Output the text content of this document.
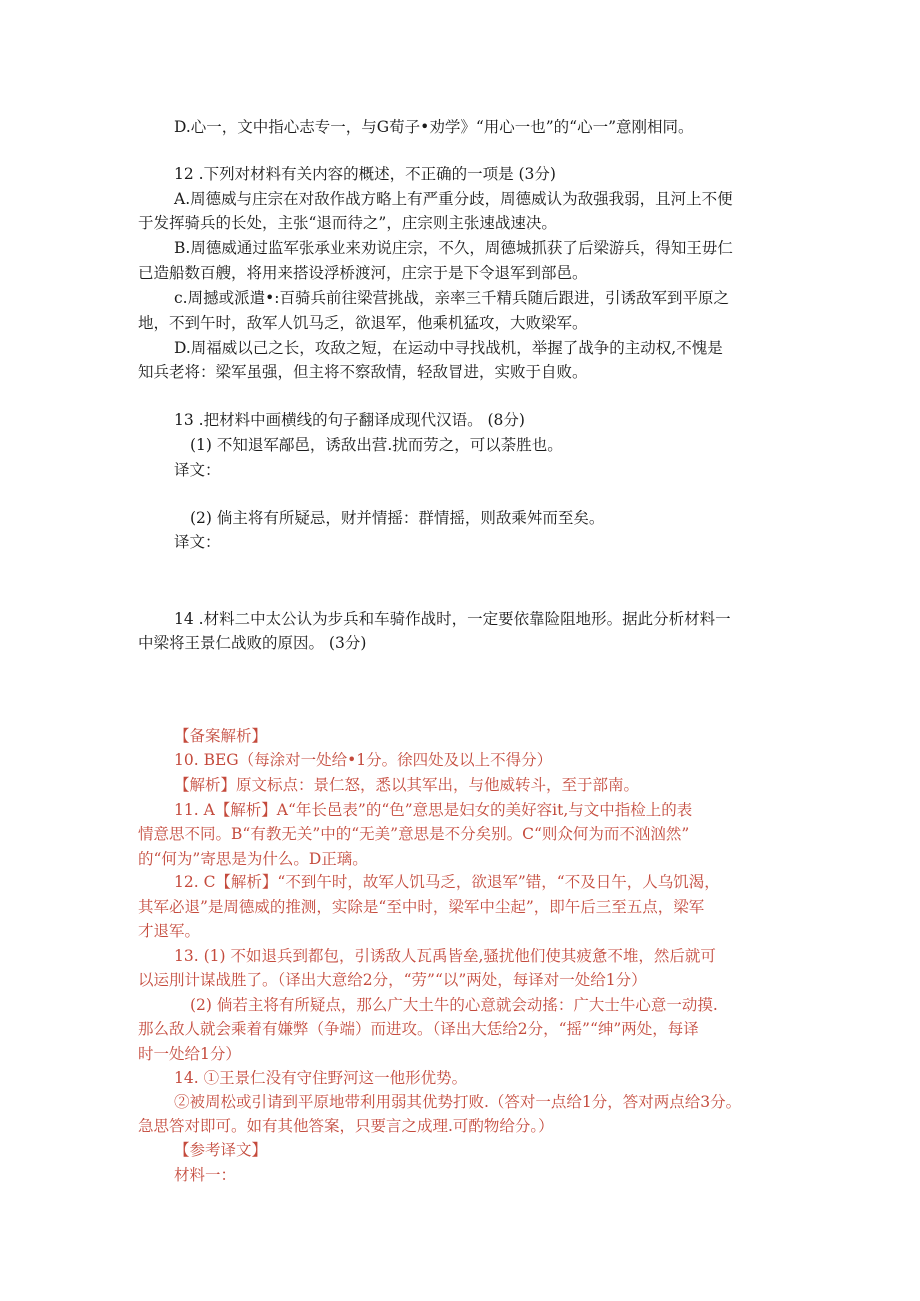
D.心一，文中指心志专一，与G荀子•劝学》“用心一也”的“心一”意刚相同。
12 .下列对材料有关内容的概述，不正确的一项是 (3分)
A.周德威与庄宗在对敌作战方略上有严重分歧，周德威认为敌强我弱，且河上不便
于发挥骑兵的长处，主张“退而待之”，庄宗则主张速战速决。
B.周德威通过监军张承业来劝说庄宗，不久，周德城抓获了后梁游兵，得知王毋仁
已造船数百艘，将用来搭设浮桥渡河，庄宗于是下令退军到部邑。
c.周撼或派遣•:百骑兵前往梁营挑战，亲率三千精兵随后跟进，引诱敌军到平原之
地，不到午时，敌军人饥马乏，欲退军，他乘机猛攻，大败梁军。
D.周福威以己之长，攻敌之短，在运动中寻找战机，举握了战争的主动权,不愧是
知兵老将：梁军虽强，但主将不察敌情，轻敌冒进，实败于自败。
13 .把材料中画横线的句子翻译成现代汉语。 (8分)
(1) 不知退军鄗邑，诱敌出营.扰而劳之，可以荼胜也。
译文：
(2) 倘主将有所疑忌，财并情摇：群情摇，则敌乘舛而至矣。
译文：
14 .材料二中太公认为步兵和车骑作战时，一定要依靠险阻地形。据此分析材料一
中梁将王景仁战败的原因。 (3分)
【备案解析】
10. BEG（每涂对一处给•1分。徐四处及以上不得分）
【解析】原文标点：景仁怒，悉以其军出，与他威转斗，至于部南。
11. A【解析】A“年长邑表”的“色”意思是妇女的美好容it,与文中指检上的表
情意思不同。B“有教无关”中的“无美”意思是不分矣别。C“则众何为而不汹汹然”
的“何为”寄思是为什么。D正璃。
12. C【解析】“不到午时，故军人饥马乏，欲退军”错，“不及日午，人乌饥渴，
其军必退”是周德威的推测，实除是“至中时，梁军中尘起”，即午后三至五点，梁军
才退军。
13. (1) 不如退兵到都包，引诱敌人瓦禹皆垒,骚扰他们使其疲惫不堆，然后就可
以运刖计谋战胜了。（译出大意给2分，“劳”“以”两处，每译对一处给1分）
(2) 倘若主将有所疑点，那么广大土牛的心意就会动搖：广大士牛心意一动摸.
那么敌人就会乘着有嫌弊（争端）而进攻。（译出大恁给2分，“摇”“绅”两处，每译
时一处给1分）
14. ①王景仁没有守住野河这一他形优势。
②被周松或引请到平原地带利用弱其优势打败.（答对一点给1分，答对两点给3分。
急思答对即可。如有其他答案，只要言之成理.可酌物给分。）
【参考译文】
材料一：
